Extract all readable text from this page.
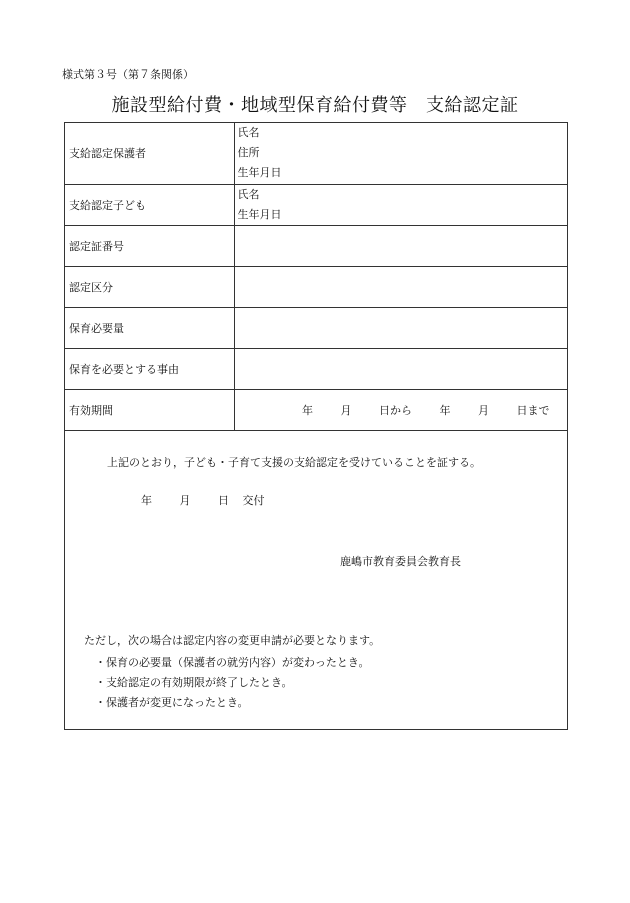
様式第３号（第７条関係）
施設型給付費・地域型保育給付費等　支給認定証
支給認定保護者	氏名
住所
生年月日

支給認定子ども	氏名
生年月日

認定証番号	
認定区分	
保育必要量	
保育を必要とする事由	
有効期間	年 月 日から 年 月 日まで
上記のとおり，子ども・子育て支援の支給認定を受けていることを証する。
年	月	日 交付
鹿嶋市教育委員会教育長
ただし，次の場合は認定内容の変更申請が必要となります。
・保育の必要量（保護者の就労内容）が変わったとき。
・支給認定の有効期限が終了したとき。
・保護者が変更になったとき。
